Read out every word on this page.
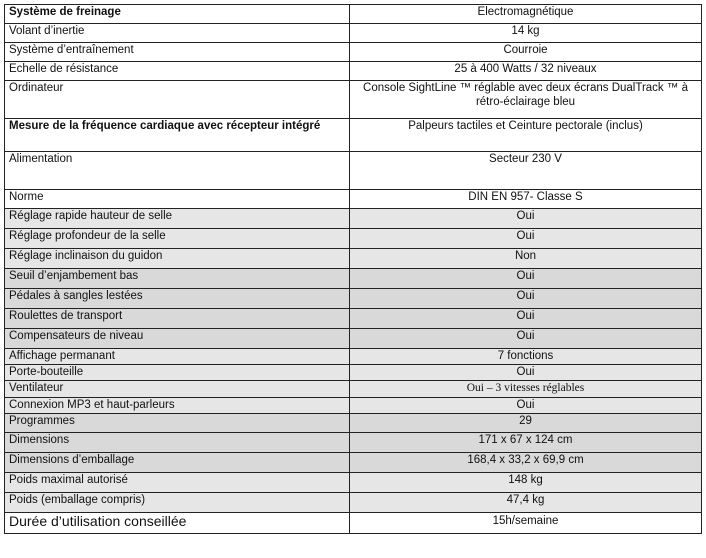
Système de freinage	Electromagnétique
Volant d’inertie	14 kg
Système d’entraînement	Courroie
Echelle de résistance	25 à 400 Watts / 32 niveaux
Ordinateur	Console SightLine ™ réglable avec deux écrans DualTrack ™ à rétro-éclairage bleu
Mesure de la fréquence cardiaque avec récepteur intégré	Palpeurs tactiles et Ceinture pectorale (inclus)
Alimentation	Secteur 230 V
Norme	DIN EN 957- Classe S
Réglage rapide hauteur de selle	Oui
Réglage profondeur de la selle	Oui
Réglage inclinaison du guidon	Non
Seuil d’enjambement bas	Oui
Pédales à sangles lestées	Oui
Roulettes de transport	Oui
Compensateurs de niveau	Oui
Affichage permanant	7 fonctions
Porte-bouteille	Oui
Ventilateur	Oui – 3 vitesses réglables
Connexion MP3 et haut-parleurs	Oui
Programmes	29
Dimensions	171 x 67 x 124 cm
Dimensions d’emballage	168,4 x 33,2 x 69,9 cm
Poids maximal autorisé	148 kg
Poids (emballage compris)	47,4 kg
Durée d’utilisation conseillée	15h/semaine
